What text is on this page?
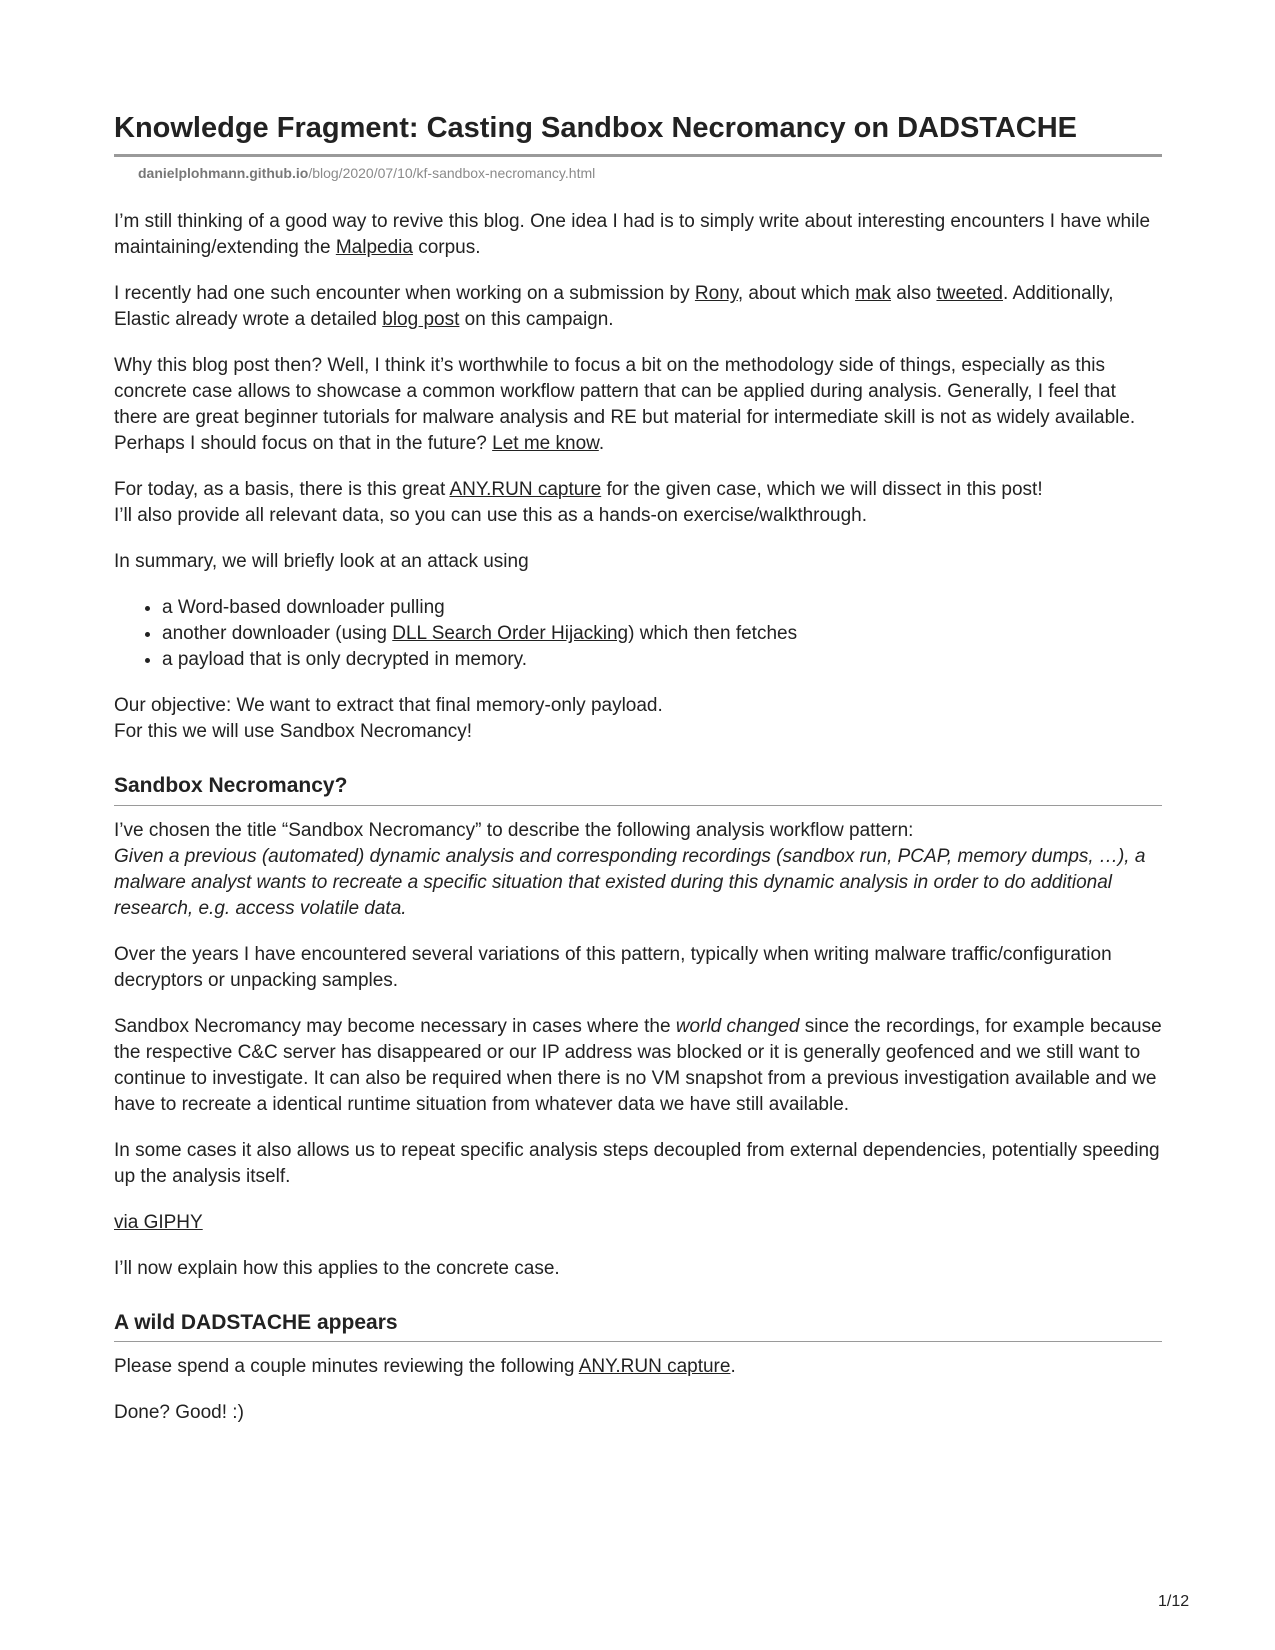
Knowledge Fragment: Casting Sandbox Necromancy on DADSTACHE
danielplohmann.github.io/blog/2020/07/10/kf-sandbox-necromancy.html

I’m still thinking of a good way to revive this blog. One idea I had is to simply write about interesting encounters I have while maintaining/extending the Malpedia corpus.

I recently had one such encounter when working on a submission by Rony, about which mak also tweeted. Additionally, Elastic already wrote a detailed blog post on this campaign.

Why this blog post then? Well, I think it’s worthwhile to focus a bit on the methodology side of things, especially as this concrete case allows to showcase a common workflow pattern that can be applied during analysis. Generally, I feel that there are great beginner tutorials for malware analysis and RE but material for intermediate skill is not as widely available. Perhaps I should focus on that in the future? Let me know.

For today, as a basis, there is this great ANY.RUN capture for the given case, which we will dissect in this post!
I’ll also provide all relevant data, so you can use this as a hands-on exercise/walkthrough.

In summary, we will briefly look at an attack using

• a Word-based downloader pulling
• another downloader (using DLL Search Order Hijacking) which then fetches
• a payload that is only decrypted in memory.

Our objective: We want to extract that final memory-only payload.
For this we will use Sandbox Necromancy!

Sandbox Necromancy?

I’ve chosen the title “Sandbox Necromancy” to describe the following analysis workflow pattern:
Given a previous (automated) dynamic analysis and corresponding recordings (sandbox run, PCAP, memory dumps, …), a malware analyst wants to recreate a specific situation that existed during this dynamic analysis in order to do additional research, e.g. access volatile data.

Over the years I have encountered several variations of this pattern, typically when writing malware traffic/configuration decryptors or unpacking samples.

Sandbox Necromancy may become necessary in cases where the world changed since the recordings, for example because the respective C&C server has disappeared or our IP address was blocked or it is generally geofenced and we still want to continue to investigate. It can also be required when there is no VM snapshot from a previous investigation available and we have to recreate a identical runtime situation from whatever data we have still available.

In some cases it also allows us to repeat specific analysis steps decoupled from external dependencies, potentially speeding up the analysis itself.

via GIPHY

I’ll now explain how this applies to the concrete case.

A wild DADSTACHE appears

Please spend a couple minutes reviewing the following ANY.RUN capture.

Done? Good! :)

1/12
